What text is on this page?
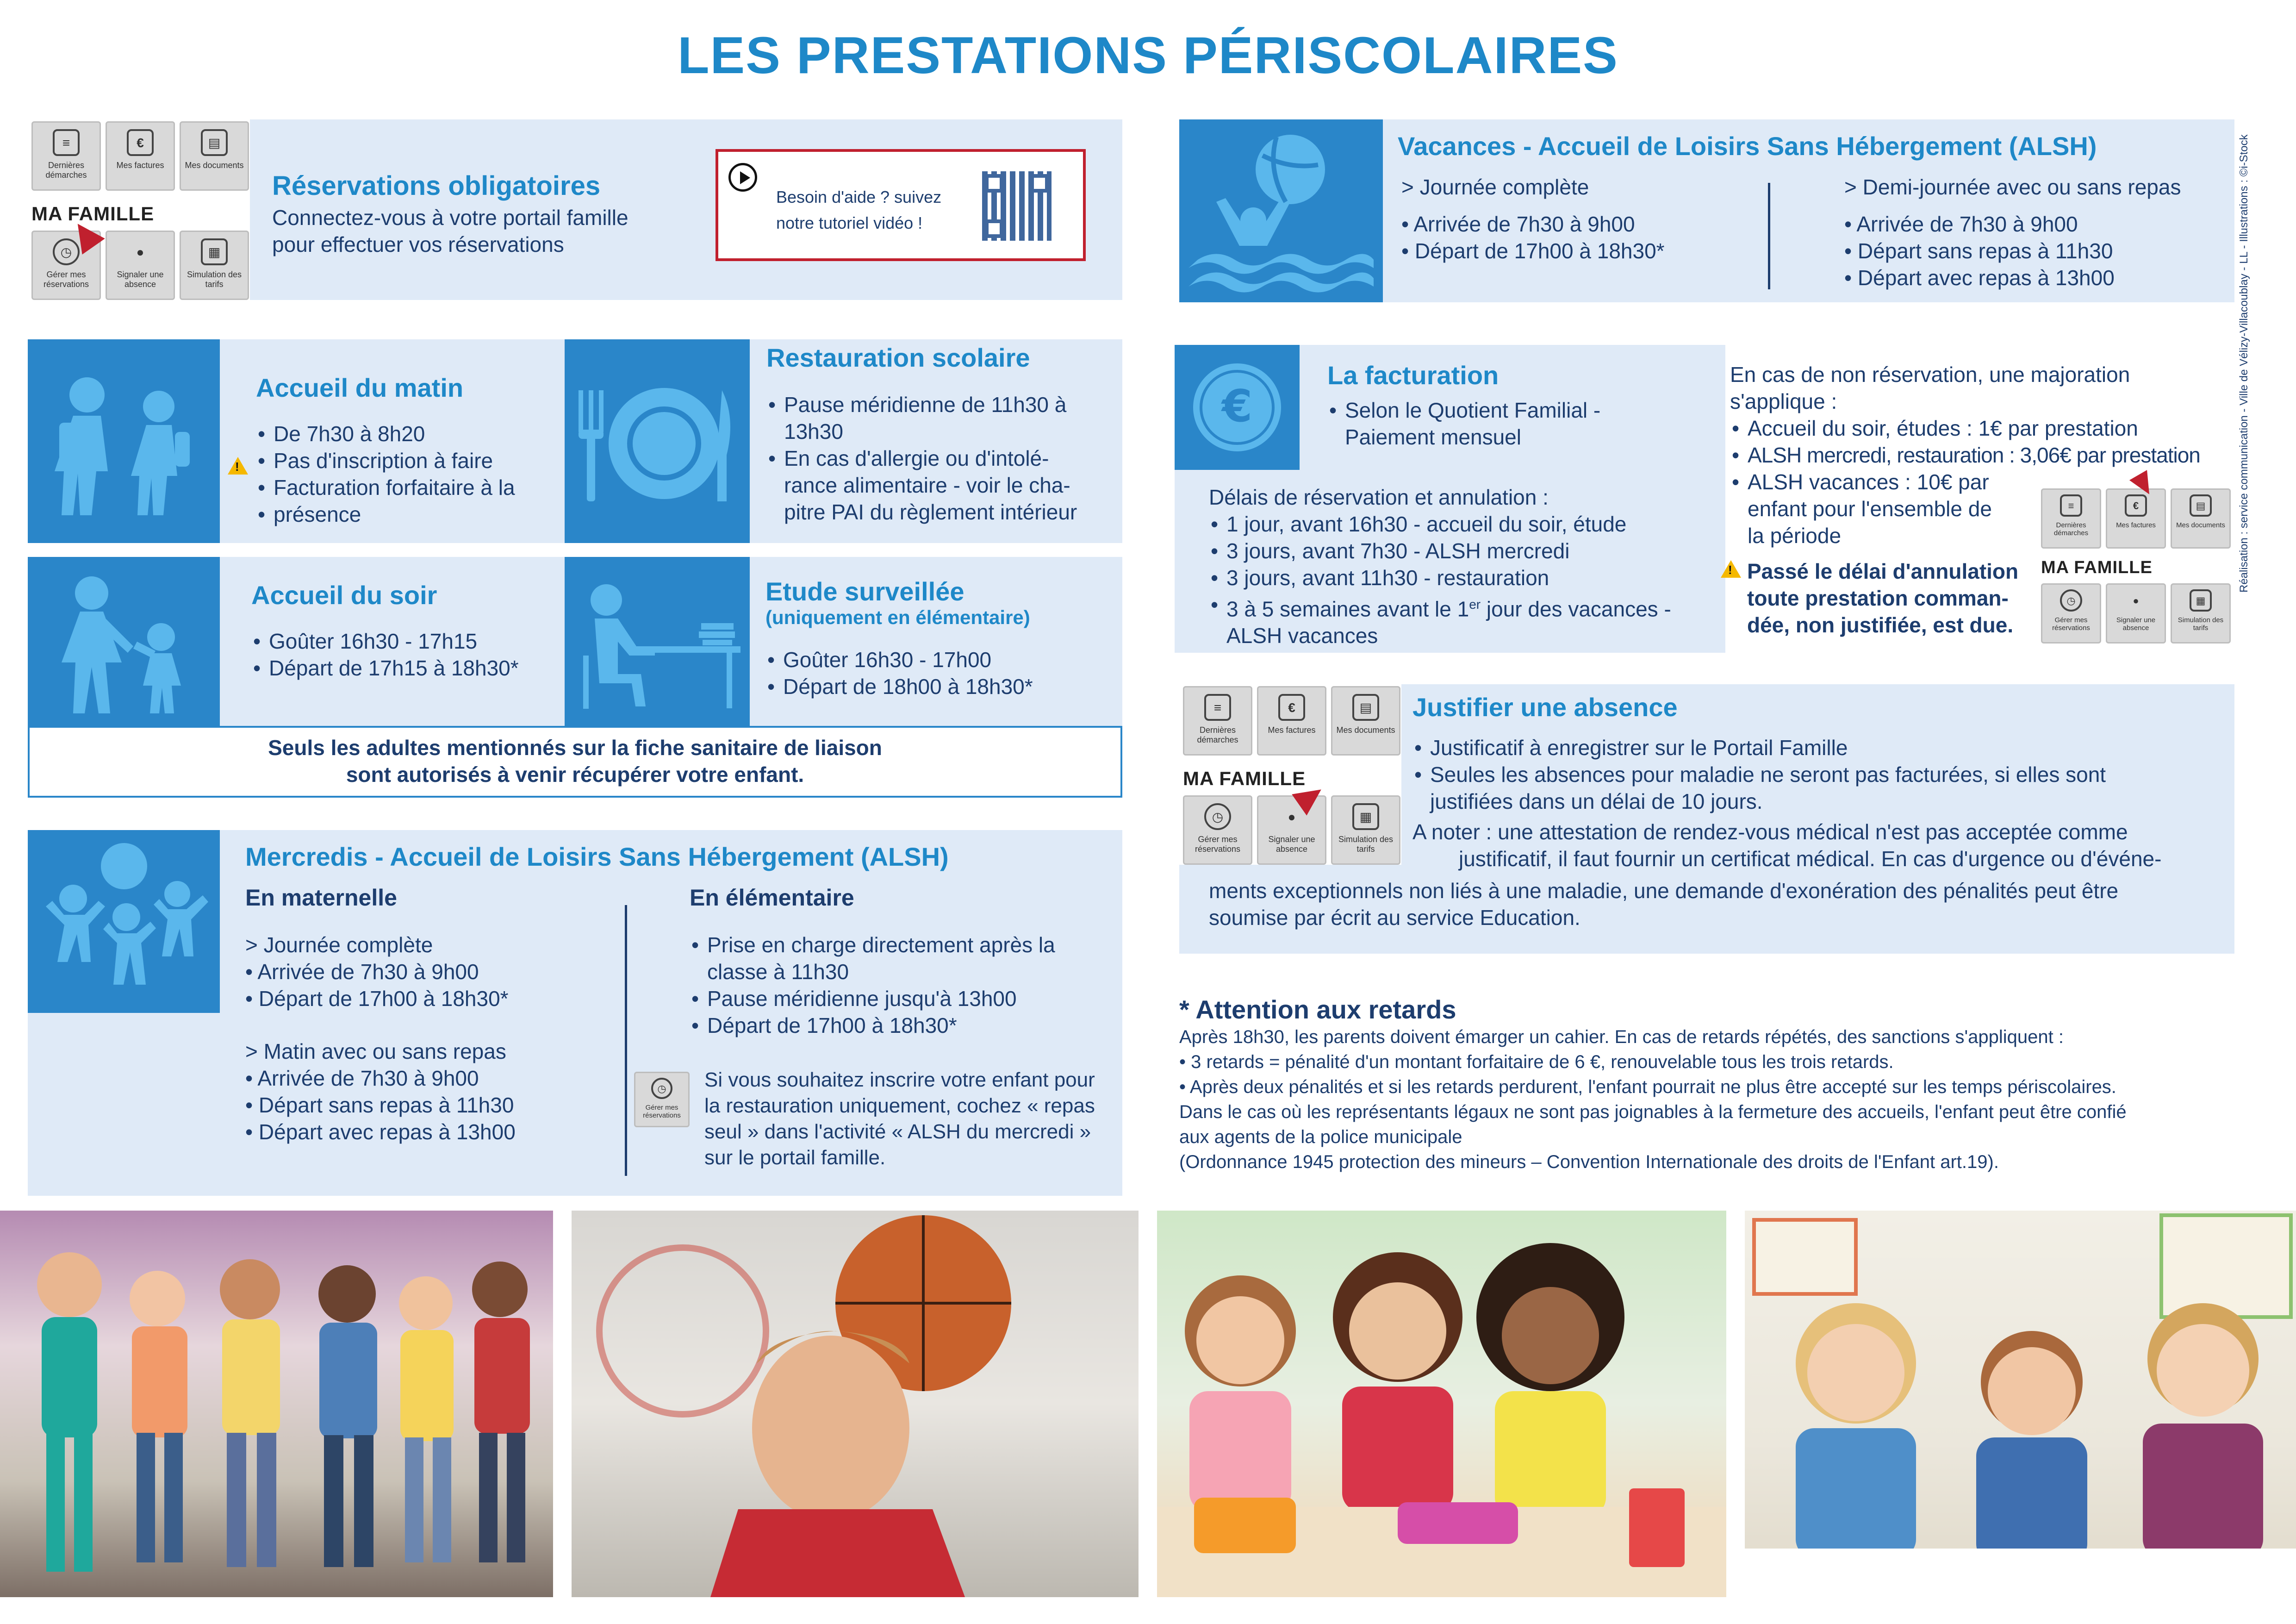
LES PRESTATIONS PÉRISCOLAIRES
Réalisation : service communication - Ville de Vélizy-Villacoublay - LL - Illustrations : ©i-Stock
≡
Dernières démarches
€
Mes factures
▤
Mes documents
MA FAMILLE
◷
Gérer mes réservations
●
Signaler une absence
▦
Simulation des tarifs
Réservations obligatoires
Connectez-vous à votre portail famille
pour effectuer vos réservations
Besoin d'aide ? suivez
notre tutoriel vidéo !
Accueil du matin
• De 7h30 à 8h20
• Pas d'inscription à faire
• Facturation forfaitaire à la
• présence
!
Restauration scolaire
• Pause méridienne de 11h30 à
13h30
• En cas d'allergie ou d'intolé-
rance alimentaire - voir le cha-
pitre PAI du règlement intérieur
Accueil du soir
• Goûter 16h30 - 17h15
• Départ de 17h15 à 18h30*
Etude surveillée
(uniquement en élémentaire)
• Goûter 16h30 - 17h00
• Départ de 18h00 à 18h30*
Seuls les adultes mentionnés sur la fiche sanitaire de liaison
sont autorisés à venir récupérer votre enfant.
Mercredis - Accueil de Loisirs Sans Hébergement (ALSH)
En maternelle
> Journée complète
• Arrivée de 7h30 à 9h00
• Départ de 17h00 à 18h30*
> Matin avec ou sans repas
• Arrivée de 7h30 à 9h00
• Départ sans repas à 11h30
• Départ avec repas à 13h00
En élémentaire
• Prise en charge directement après la
classe à 11h30
• Pause méridienne jusqu'à 13h00
• Départ de 17h00 à 18h30*
◷
Gérer mes réservations
Si vous souhaitez inscrire votre enfant pour
la restauration uniquement, cochez « repas
seul » dans l'activité « ALSH du mercredi »
sur le portail famille.
Vacances - Accueil de Loisirs Sans Hébergement (ALSH)
> Journée complète
• Arrivée de 7h30 à 9h00
• Départ de 17h00 à 18h30*
> Demi-journée avec ou sans repas
• Arrivée de 7h30 à 9h00
• Départ sans repas à 11h30
• Départ avec repas à 13h00
€
La facturation
• Selon le Quotient Familial -
Paiement mensuel
Délais de réservation et annulation :
• 1 jour, avant 16h30 - accueil du soir, étude
• 3 jours, avant 7h30 - ALSH mercredi
• 3 jours, avant 11h30 - restauration
• 3 à 5 semaines avant le 1er jour des vacances -
ALSH vacances
En cas de non réservation, une majoration
s'applique :
• Accueil du soir, études : 1€ par prestation
• ALSH mercredi, restauration : 3,06€ par prestation
• ALSH vacances : 10€ par
enfant pour l'ensemble de
la période
!
Passé le délai d'annulation
toute prestation comman-
dée, non justifiée, est due.
≡
Dernières démarches
€
Mes factures
▤
Mes documents
MA FAMILLE
◷
Gérer mes réservations
●
Signaler une absence
▦
Simulation des tarifs
≡
Dernières démarches
€
Mes factures
▤
Mes documents
MA FAMILLE
◷
Gérer mes réservations
●
Signaler une absence
▦
Simulation des tarifs
Justifier une absence
• Justificatif à enregistrer sur le Portail Famille
• Seules les absences pour maladie ne seront pas facturées, si elles sont
justifiées dans un délai de 10 jours.
A noter : une attestation de rendez-vous médical n'est pas acceptée comme
justificatif, il faut fournir un certificat médical. En cas d'urgence ou d'événe-
ments exceptionnels non liés à une maladie, une demande d'exonération des pénalités peut être
soumise par écrit au service Education.
* Attention aux retards
Après 18h30, les parents doivent émarger un cahier. En cas de retards répétés, des sanctions s'appliquent :
• 3 retards = pénalité d'un montant forfaitaire de 6 €, renouvelable tous les trois retards.
• Après deux pénalités et si les retards perdurent, l'enfant pourrait ne plus être accepté sur les temps périscolaires.
Dans le cas où les représentants légaux ne sont pas joignables à la fermeture des accueils, l'enfant peut être confié
aux agents de la police municipale
(Ordonnance 1945 protection des mineurs – Convention Internationale des droits de l'Enfant art.19).
